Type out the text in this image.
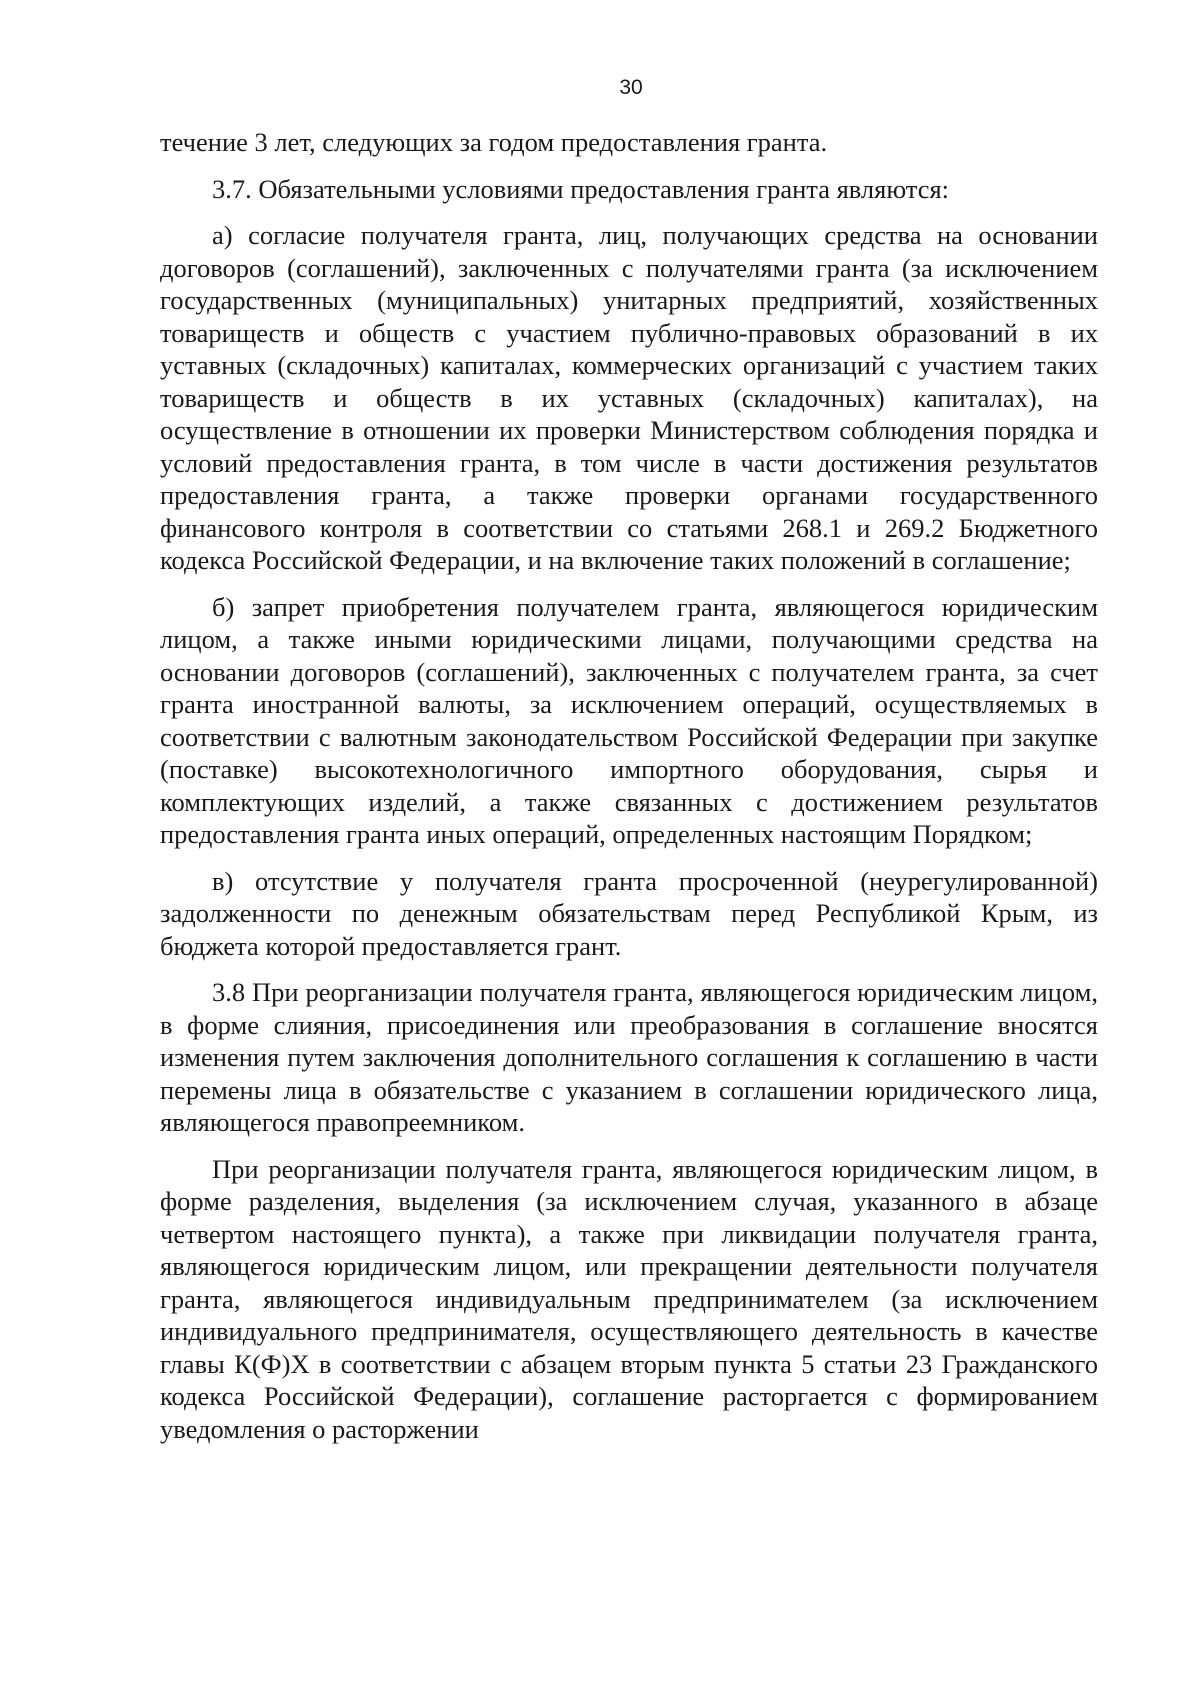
30

течение 3 лет, следующих за годом предоставления гранта.

3.7. Обязательными условиями предоставления гранта являются:

а) согласие получателя гранта, лиц, получающих средства на основании договоров (соглашений), заключенных с получателями гранта (за исключением государственных (муниципальных) унитарных предприятий, хозяйственных товариществ и обществ с участием публично-правовых образований в их уставных (складочных) капиталах, коммерческих организаций с участием таких товариществ и обществ в их уставных (складочных) капиталах), на осуществление в отношении их проверки Министерством соблюдения порядка и условий предоставления гранта, в том числе в части достижения результатов предоставления гранта, а также проверки органами государственного финансового контроля в соответствии со статьями 268.1 и 269.2 Бюджетного кодекса Российской Федерации, и на включение таких положений в соглашение;

б) запрет приобретения получателем гранта, являющегося юридическим лицом, а также иными юридическими лицами, получающими средства на основании договоров (соглашений), заключенных с получателем гранта, за счет гранта иностранной валюты, за исключением операций, осуществляемых в соответствии с валютным законодательством Российской Федерации при закупке (поставке) высокотехнологичного импортного оборудования, сырья и комплектующих изделий, а также связанных с достижением результатов предоставления гранта иных операций, определенных настоящим Порядком;

в) отсутствие у получателя гранта просроченной (неурегулированной) задолженности по денежным обязательствам перед Республикой Крым, из бюджета которой предоставляется грант.

3.8 При реорганизации получателя гранта, являющегося юридическим лицом, в форме слияния, присоединения или преобразования в соглашение вносятся изменения путем заключения дополнительного соглашения к соглашению в части перемены лица в обязательстве с указанием в соглашении юридического лица, являющегося правопреемником.

При реорганизации получателя гранта, являющегося юридическим лицом, в форме разделения, выделения (за исключением случая, указанного в абзаце четвертом настоящего пункта), а также при ликвидации получателя гранта, являющегося юридическим лицом, или прекращении деятельности получателя гранта, являющегося индивидуальным предпринимателем (за исключением индивидуального предпринимателя, осуществляющего деятельность в качестве главы К(Ф)Х в соответствии с абзацем вторым пункта 5 статьи 23 Гражданского кодекса Российской Федерации), соглашение расторгается с формированием уведомления о расторжении
